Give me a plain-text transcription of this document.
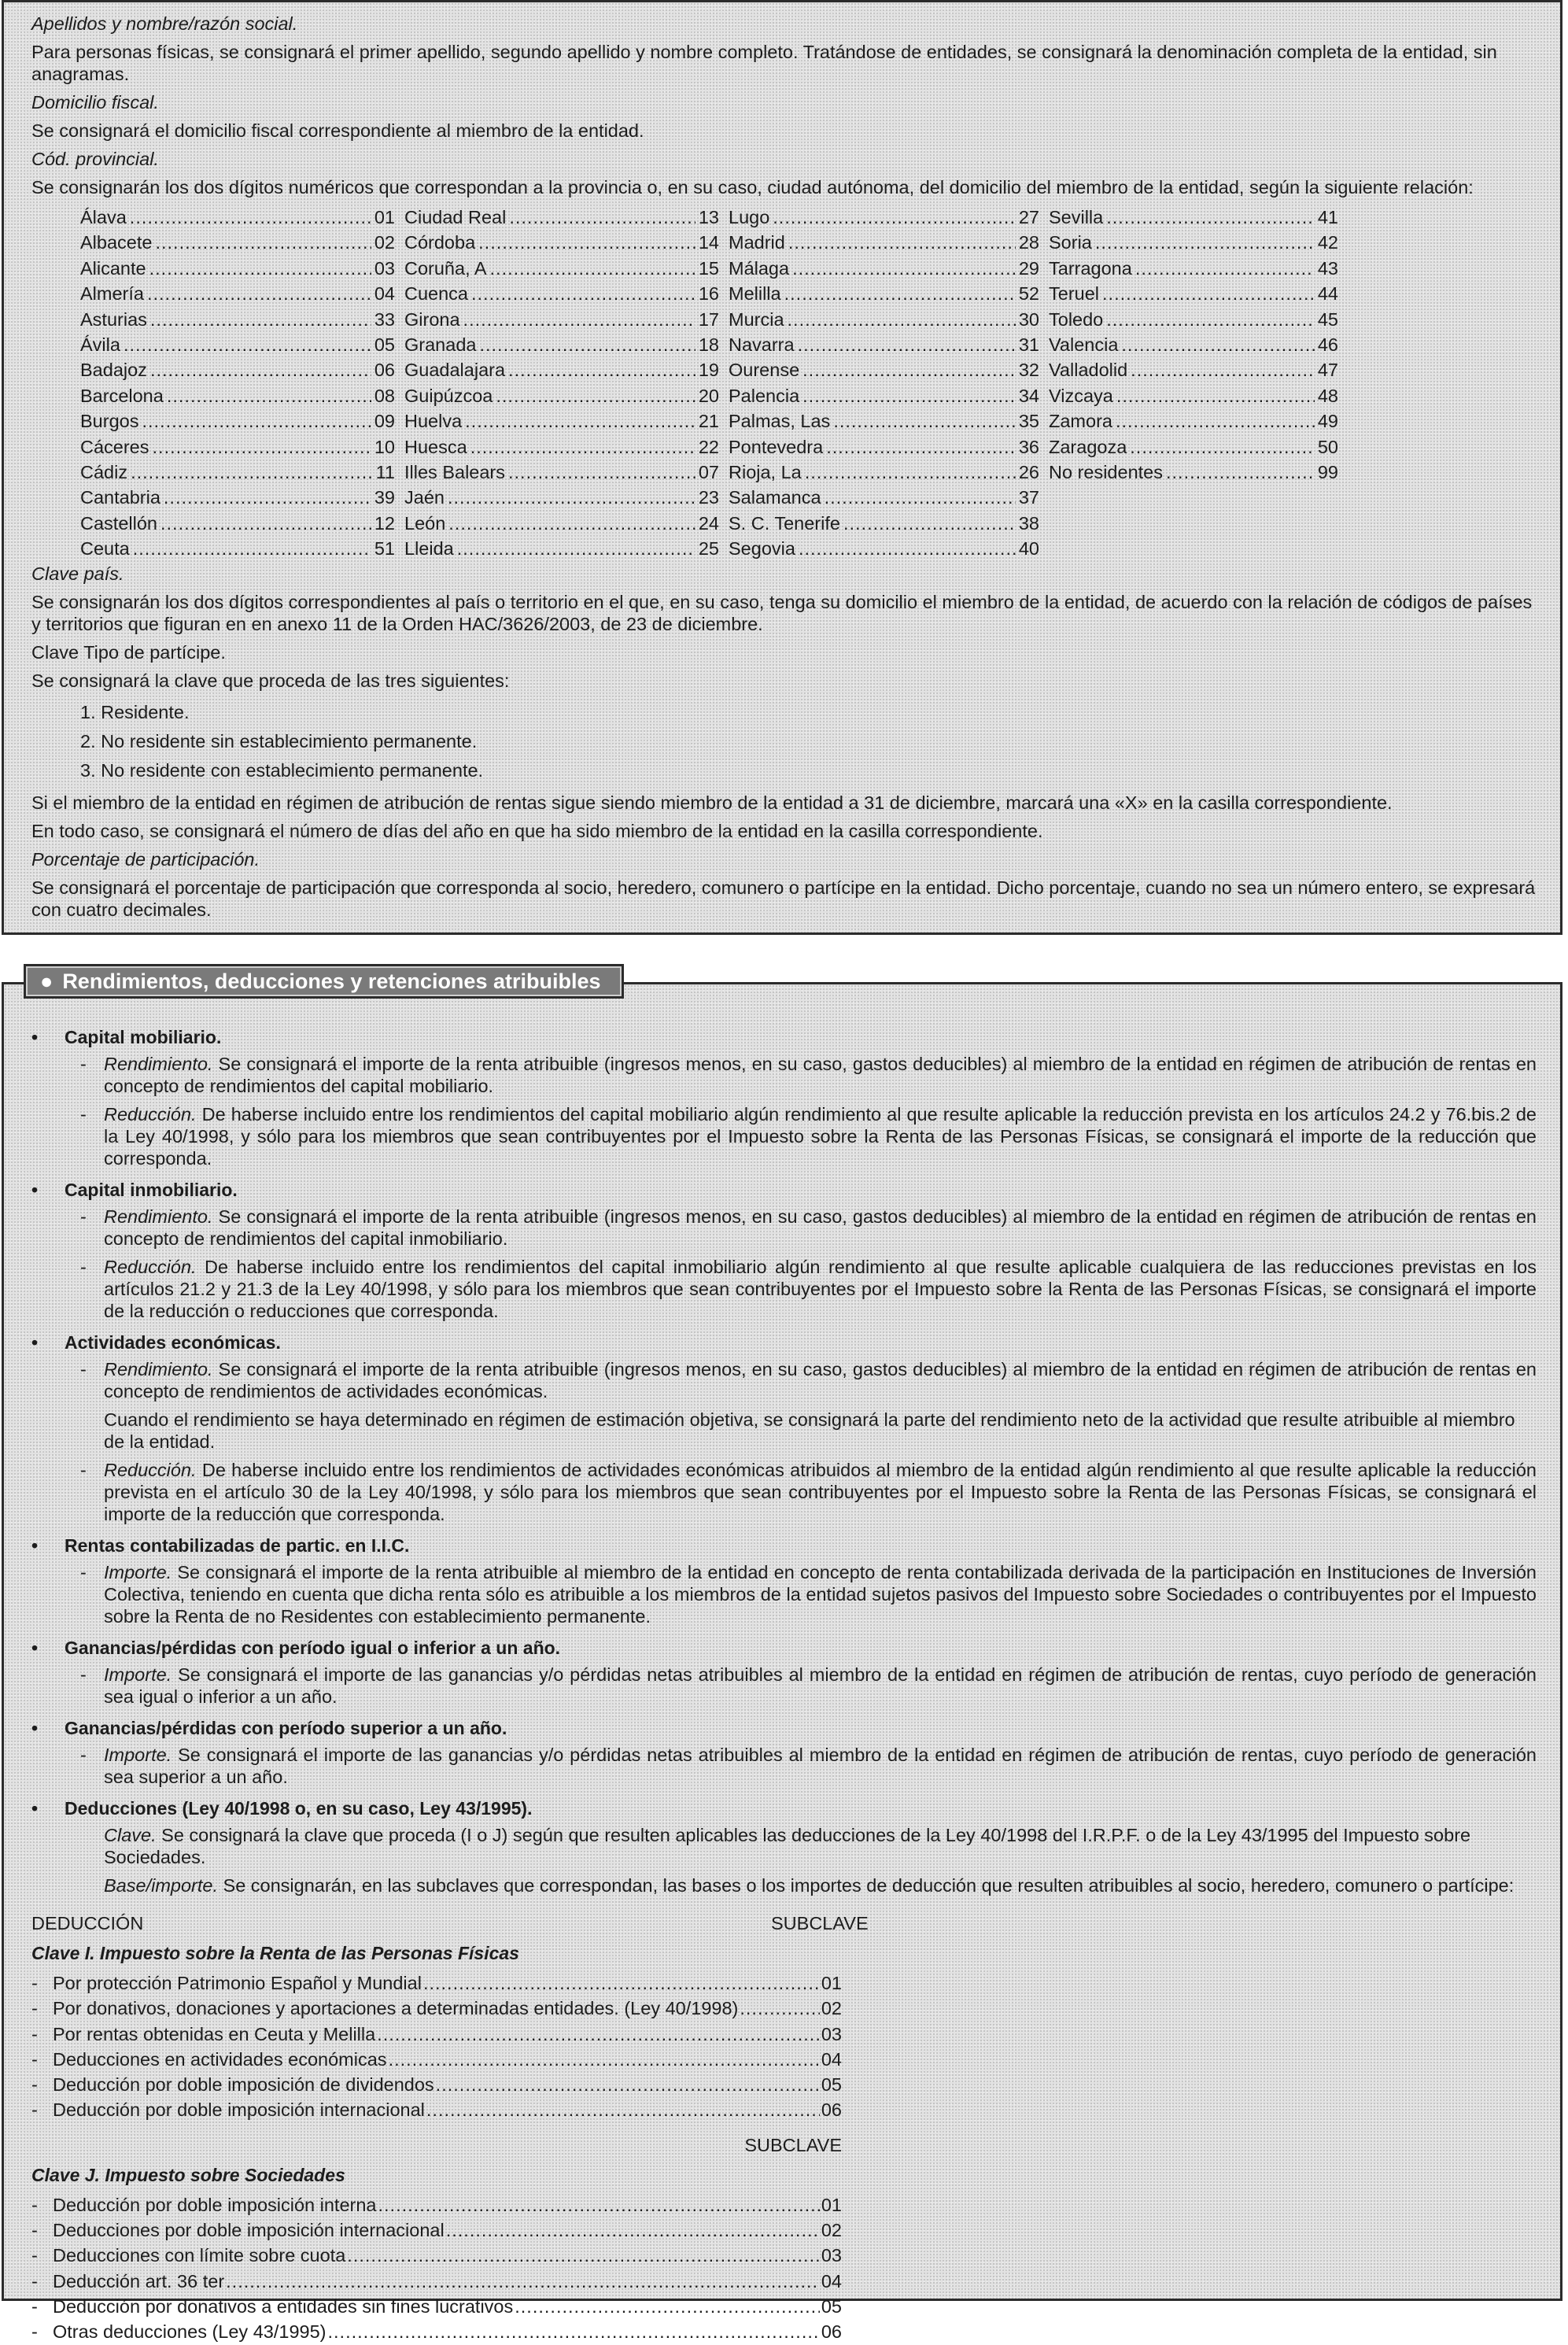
Apellidos y nombre/razón social.

Para personas físicas, se consignará el primer apellido, segundo apellido y nombre completo. Tratándose de entidades, se consignará la denominación completa de la entidad, sin anagramas.

Domicilio fiscal.

Se consignará el domicilio fiscal correspondiente al miembro de la entidad.

Cód. provincial.

Se consignarán los dos dígitos numéricos que correspondan a la provincia o, en su caso, ciudad autónoma, del domicilio del miembro de la entidad, según la siguiente relación:

Álava .....	01
Albacete .....	02
Alicante .....	03
Almería .....	04
Asturias .....	33
Ávila .....	05
Badajoz .....	06
Barcelona .....	08
Burgos .....	09
Cáceres .....	10
Cádiz .....	11
Cantabria .....	39
Castellón .....	12
Ceuta .....	51
Ciudad Real .....	13
Córdoba .....	14
Coruña, A .....	15
Cuenca .....	16
Girona .....	17
Granada .....	18
Guadalajara .....	19
Guipúzcoa .....	20
Huelva .....	21
Huesca .....	22
Illes Balears .....	07
Jaén .....	23
León .....	24
Lleida .....	25
Lugo .....	27
Madrid .....	28
Málaga .....	29
Melilla .....	52
Murcia .....	30
Navarra .....	31
Ourense .....	32
Palencia .....	34
Palmas, Las .....	35
Pontevedra .....	36
Rioja, La .....	26
Salamanca .....	37
S. C. Tenerife .....	38
Segovia .....	40
Sevilla .....	41
Soria .....	42
Tarragona .....	43
Teruel .....	44
Toledo .....	45
Valencia .....	46
Valladolid .....	47
Vizcaya .....	48
Zamora .....	49
Zaragoza .....	50
No residentes .....	99

Clave país.

Se consignarán los dos dígitos correspondientes al país o territorio en el que, en su caso, tenga su domicilio el miembro de la entidad, de acuerdo con la relación de códigos de países y territorios que figuran en en anexo 11 de la Orden HAC/3626/2003, de 23 de diciembre.

Clave Tipo de partícipe.

Se consignará la clave que proceda de las tres siguientes:

1. Residente.
2. No residente sin establecimiento permanente.
3. No residente con establecimiento permanente.

Si el miembro de la entidad en régimen de atribución de rentas sigue siendo miembro de la entidad a 31 de diciembre, marcará una «X» en la casilla correspondiente.

En todo caso, se consignará el número de días del año en que ha sido miembro de la entidad en la casilla correspondiente.

Porcentaje de participación.

Se consignará el porcentaje de participación que corresponda al socio, heredero, comunero o partícipe en la entidad. Dicho porcentaje, cuando no sea un número entero, se expresará con cuatro decimales.

● Rendimientos, deducciones y retenciones atribuibles
• Capital mobiliario.
- Rendimiento. Se consignará el importe de la renta atribuible (ingresos menos, en su caso, gastos deducibles) al miembro de la entidad en régimen de atribución de rentas en concepto de rendimientos del capital mobiliario.
- Reducción. De haberse incluido entre los rendimientos del capital mobiliario algún rendimiento al que resulte aplicable la reducción prevista en los artículos 24.2 y 76.bis.2 de la Ley 40/1998, y sólo para los miembros que sean contribuyentes por el Impuesto sobre la Renta de las Personas Físicas, se consignará el importe de la reducción que corresponda.
• Capital inmobiliario.
- Rendimiento. Se consignará el importe de la renta atribuible (ingresos menos, en su caso, gastos deducibles) al miembro de la entidad en régimen de atribución de rentas en concepto de rendimientos del capital inmobiliario.
- Reducción. De haberse incluido entre los rendimientos del capital inmobiliario algún rendimiento al que resulte aplicable cualquiera de las reducciones previstas en los artículos 21.2 y 21.3 de la Ley 40/1998, y sólo para los miembros que sean contribuyentes por el Impuesto sobre la Renta de las Personas Físicas, se consignará el importe de la reducción o reducciones que corresponda.
• Actividades económicas.
- Rendimiento. Se consignará el importe de la renta atribuible (ingresos menos, en su caso, gastos deducibles) al miembro de la entidad en régimen de atribución de rentas en concepto de rendimientos de actividades económicas.
Cuando el rendimiento se haya determinado en régimen de estimación objetiva, se consignará la parte del rendimiento neto de la actividad que resulte atribuible al miembro de la entidad.
- Reducción. De haberse incluido entre los rendimientos de actividades económicas atribuidos al miembro de la entidad algún rendimiento al que resulte aplicable la reducción prevista en el artículo 30 de la Ley 40/1998, y sólo para los miembros que sean contribuyentes por el Impuesto sobre la Renta de las Personas Físicas, se consignará el importe de la reducción que corresponda.
• Rentas contabilizadas de partic. en I.I.C.
- Importe. Se consignará el importe de la renta atribuible al miembro de la entidad en concepto de renta contabilizada derivada de la participación en Instituciones de Inversión Colectiva, teniendo en cuenta que dicha renta sólo es atribuible a los miembros de la entidad sujetos pasivos del Impuesto sobre Sociedades o contribuyentes por el Impuesto sobre la Renta de no Residentes con establecimiento permanente.
• Ganancias/pérdidas con período igual o inferior a un año.
- Importe. Se consignará el importe de las ganancias y/o pérdidas netas atribuibles al miembro de la entidad en régimen de atribución de rentas, cuyo período de generación sea igual o inferior a un año.
• Ganancias/pérdidas con período superior a un año.
- Importe. Se consignará el importe de las ganancias y/o pérdidas netas atribuibles al miembro de la entidad en régimen de atribución de rentas, cuyo período de generación sea superior a un año.
• Deducciones (Ley 40/1998 o, en su caso, Ley 43/1995).
Clave. Se consignará la clave que proceda (I o J) según que resulten aplicables las deducciones de la Ley 40/1998 del I.R.P.F. o de la Ley 43/1995 del Impuesto sobre Sociedades.
Base/importe. Se consignarán, en las subclaves que correspondan, las bases o los importes de deducción que resulten atribuibles al socio, heredero, comunero o partícipe:
DEDUCCIÓN	SUBCLAVE
Clave I. Impuesto sobre la Renta de las Personas Físicas
- Por protección Patrimonio Español y Mundial .....	01
- Por donativos, donaciones y aportaciones a determinadas entidades. (Ley 40/1998) .....	02
- Por rentas obtenidas en Ceuta y Melilla .....	03
- Deducciones en actividades económicas .....	04
- Deducción por doble imposición de dividendos .....	05
- Deducción por doble imposición internacional .....	06
SUBCLAVE
Clave J. Impuesto sobre Sociedades
- Deducción por doble imposición interna .....	01
- Deducciones por doble imposición internacional .....	02
- Deducciones con límite sobre cuota .....	03
- Deducción art. 36 ter .....	04
- Deducción por donativos a entidades sin fines lucrativos .....	05
- Otras deducciones (Ley 43/1995) .....	06
